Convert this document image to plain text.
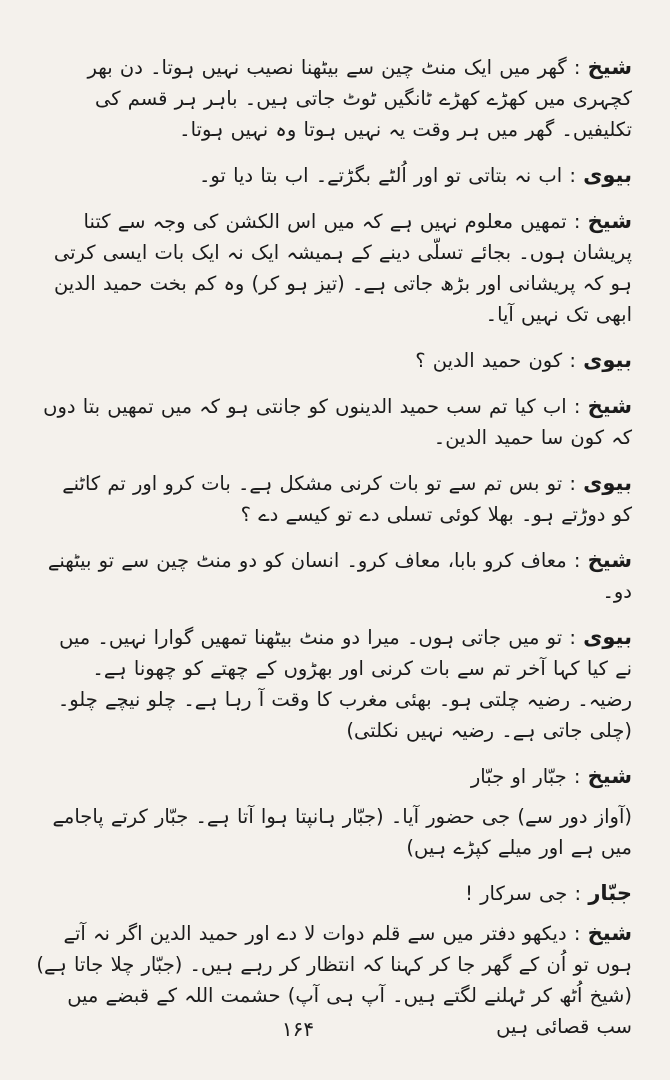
شیخ : گھر میں ایک منٹ چین سے بیٹھنا نصیب نہیں ہوتا۔ دن بھر کچہری میں کھڑے کھڑے ٹانگیں ٹوٹ جاتی ہیں۔ باہر ہر قسم کی تکلیفیں۔ گھر میں ہر وقت یہ نہیں ہوتا وہ نہیں ہوتا۔

بیوی : اب نہ بتاتی تو اور اُلٹے بگڑتے۔ اب بتا دیا تو۔

شیخ : تمھیں معلوم نہیں ہے کہ میں اس الکشن کی وجہ سے کتنا پریشان ہوں۔ بجائے تسلّی دینے کے ہمیشہ ایک نہ ایک بات ایسی کرتی ہو کہ پریشانی اور بڑھ جاتی ہے۔ (تیز ہو کر) وہ کم بخت حمید الدین ابھی تک نہیں آیا۔

بیوی : کون حمید الدین ؟

شیخ : اب کیا تم سب حمید الدینوں کو جانتی ہو کہ میں تمھیں بتا دوں کہ کون سا حمید الدین۔

بیوی : تو بس تم سے تو بات کرنی مشکل ہے۔ بات کرو اور تم کاٹنے کو دوڑتے ہو۔ بھلا کوئی تسلی دے تو کیسے دے ؟

شیخ : معاف کرو بابا، معاف کرو۔ انسان کو دو منٹ چین سے تو بیٹھنے دو۔

بیوی : تو میں جاتی ہوں۔ میرا دو منٹ بیٹھنا تمھیں گوارا نہیں۔ میں نے کیا کہا آخر تم سے بات کرنی اور بھڑوں کے چھتے کو چھونا ہے۔ رضیہ۔ رضیہ چلتی ہو۔ بھئی مغرب کا وقت آ رہا ہے۔ چلو نیچے چلو۔ (چلی جاتی ہے۔ رضیہ نہیں نکلتی)

شیخ : جبّار او جبّار

(آواز دور سے) جی حضور آیا۔ (جبّار ہانپتا ہوا آتا ہے۔ جبّار کرتے پاجامے میں ہے اور میلے کپڑے ہیں)

جبّار : جی سرکار !

شیخ : دیکھو دفتر میں سے قلم دوات لا دے اور حمید الدین اگر نہ آتے ہوں تو اُن کے گھر جا کر کہنا کہ انتظار کر رہے ہیں۔ (جبّار چلا جاتا ہے) (شیخ اُٹھ کر ٹہلنے لگتے ہیں۔ آپ ہی آپ) حشمت اللہ کے قبضے میں سب قصائی ہیں

۱۶۴
